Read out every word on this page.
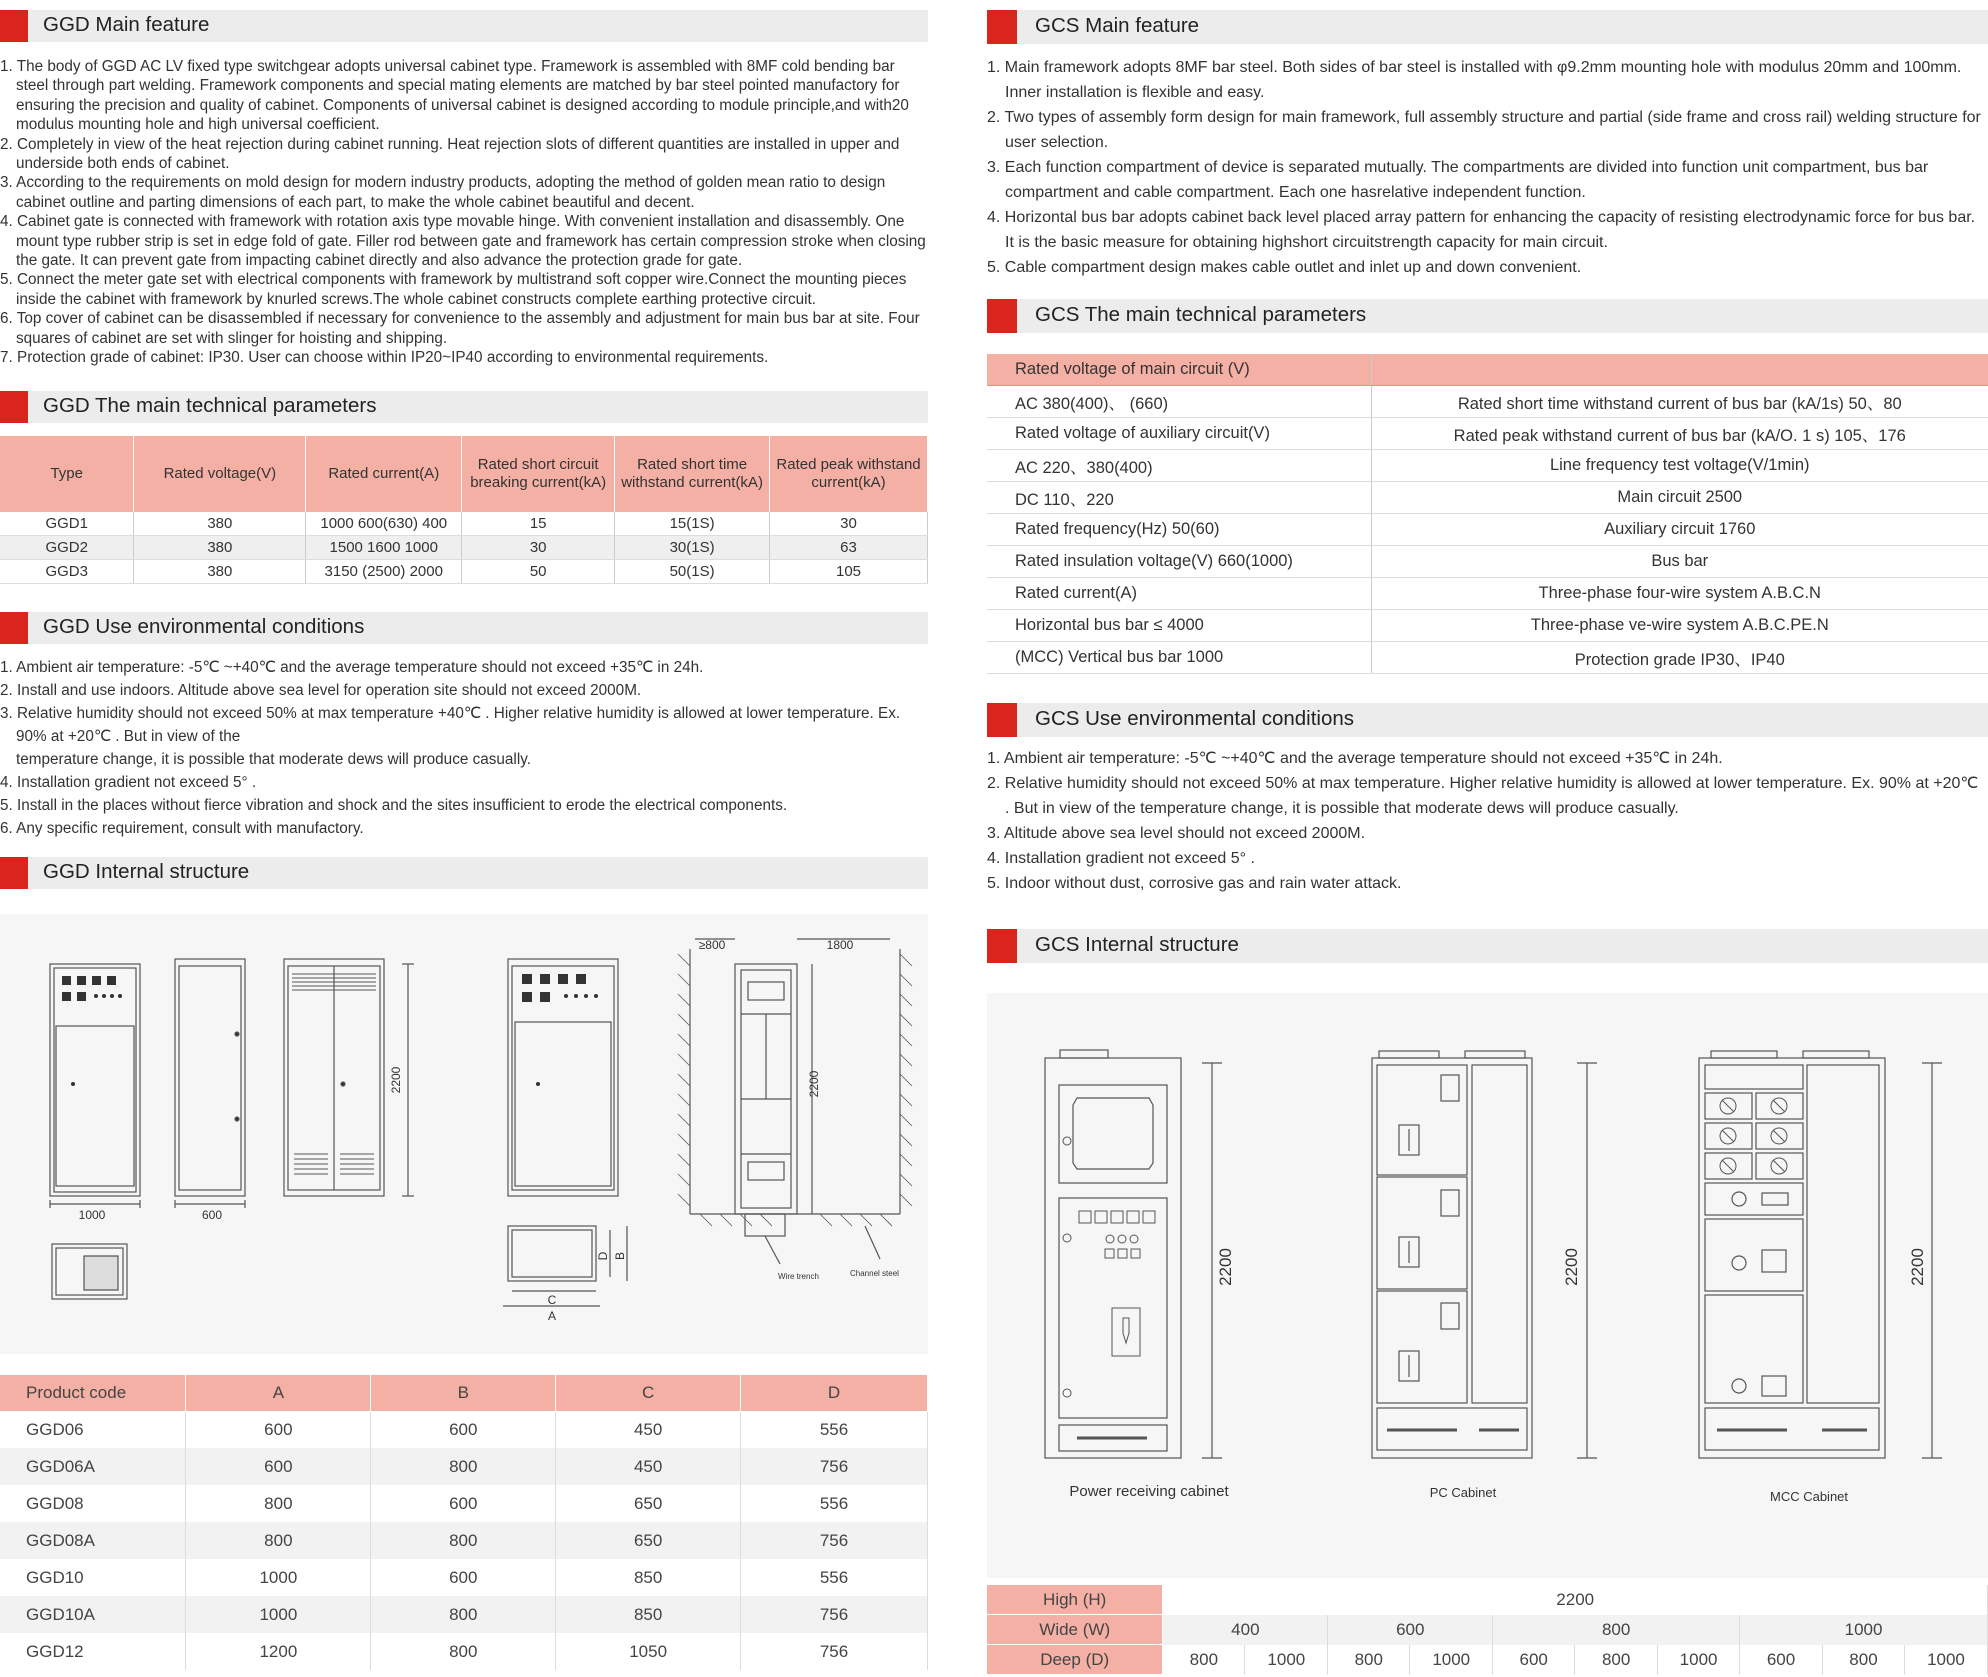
GGD Main feature
1. The body of GGD AC LV fixed type switchgear adopts universal cabinet type. Framework is assembled with 8MF cold bending bar steel through part welding. Framework components and special mating elements are matched by bar steel pointed manufactory for ensuring the precision and quality of cabinet. Components of universal cabinet is designed according to module principle,and with20 modulus mounting hole and high universal coefficient.
2. Completely in view of the heat rejection during cabinet running. Heat rejection slots of different quantities are installed in upper and underside both ends of cabinet.
3. According to the requirements on mold design for modern industry products, adopting the method of golden mean ratio to design cabinet outline and parting dimensions of each part, to make the whole cabinet beautiful and decent.
4. Cabinet gate is connected with framework with rotation axis type movable hinge. With convenient installation and disassembly. One mount type rubber strip is set in edge fold of gate. Filler rod between gate and framework has certain compression stroke when closing the gate. It can prevent gate from impacting cabinet directly and also advance the protection grade for gate.
5. Connect the meter gate set with electrical components with framework by multistrand soft copper wire.Connect the mounting pieces inside the cabinet with framework by knurled screws.The whole cabinet constructs complete earthing protective circuit.
6. Top cover of cabinet can be disassembled if necessary for convenience to the assembly and adjustment for main bus bar at site. Four squares of cabinet are set with slinger for hoisting and shipping.
7. Protection grade of cabinet: IP30. User can choose within IP20~IP40 according to environmental requirements.
GGD The main technical parameters
Type	Rated voltage(V)	Rated current(A)	Rated short circuit breaking current(kA)	Rated short time withstand current(kA)	Rated peak withstand current(kA)
GGD1	380	1000 600(630) 400	15	15(1S)	30
GGD2	380	1500 1600 1000	30	30(1S)	63
GGD3	380	3150 (2500) 2000	50	50(1S)	105
GGD Use environmental conditions
1. Ambient air temperature: -5℃ ~+40℃ and the average temperature should not exceed +35℃ in 24h.
2. Install and use indoors. Altitude above sea level for operation site should not exceed 2000M.
3. Relative humidity should not exceed 50% at max temperature +40℃ . Higher relative humidity is allowed at lower temperature. Ex. 90% at +20℃ . But in view of the
temperature change, it is possible that moderate dews will produce casually.
4. Installation gradient not exceed 5° .
5. Install in the places without fierce vibration and shock and the sites insufficient to erode the electrical components.
6. Any specific requirement, consult with manufactory.
GGD Internal structure
1000	600
2200	2200
≥800	1800
C
A
D B
Wire trench	Channel steel
Product code	A	B	C	D
GGD06	600	600	450	556
GGD06A	600	800	450	756
GGD08	800	600	650	556
GGD08A	800	800	650	756
GGD10	1000	600	850	556
GGD10A	1000	800	850	756
GGD12	1200	800	1050	756
GCS Main feature
1. Main framework adopts 8MF bar steel. Both sides of bar steel is installed with φ9.2mm mounting hole with modulus 20mm and 100mm. Inner installation is flexible and easy.
2. Two types of assembly form design for main framework, full assembly structure and partial (side frame and cross rail) welding structure for user selection.
3. Each function compartment of device is separated mutually. The compartments are divided into function unit compartment, bus bar compartment and cable compartment. Each one hasrelative independent function.
4. Horizontal bus bar adopts cabinet back level placed array pattern for enhancing the capacity of resisting electrodynamic force for bus bar. It is the basic measure for obtaining highshort circuitstrength capacity for main circuit.
5. Cable compartment design makes cable outlet and inlet up and down convenient.
GCS The main technical parameters
Rated voltage of main circuit (V)	
AC 380(400)、 (660)	Rated short time withstand current of bus bar (kA/1s) 50、80
Rated voltage of auxiliary circuit(V)	Rated peak withstand current of bus bar (kA/O. 1 s) 105、176
AC 220、380(400)	Line frequency test voltage(V/1min)
DC 110、220	Main circuit 2500
Rated frequency(Hz) 50(60)	Auxiliary circuit 1760
Rated insulation voltage(V) 660(1000)	Bus bar
Rated current(A)	Three-phase four-wire system A.B.C.N
Horizontal bus bar ≤ 4000	Three-phase ve-wire system A.B.C.PE.N
(MCC) Vertical bus bar 1000	Protection grade IP30、IP40
GCS Use environmental conditions
1. Ambient air temperature: -5℃ ~+40℃ and the average temperature should not exceed +35℃ in 24h.
2. Relative humidity should not exceed 50% at max temperature. Higher relative humidity is allowed at lower temperature. Ex. 90% at +20℃ . But in view of the temperature change, it is possible that moderate dews will produce casually.
3. Altitude above sea level should not exceed 2000M.
4. Installation gradient not exceed 5° .
5. Indoor without dust, corrosive gas and rain water attack.
GCS Internal structure
2200	2200	2200
Power receiving cabinet	PC Cabinet	MCC Cabinet
High (H)	2200									
Wide (W)	400		600		800			1000		
Deep (D)	800	1000	800	1000	600	800	1000	600	800	1000
